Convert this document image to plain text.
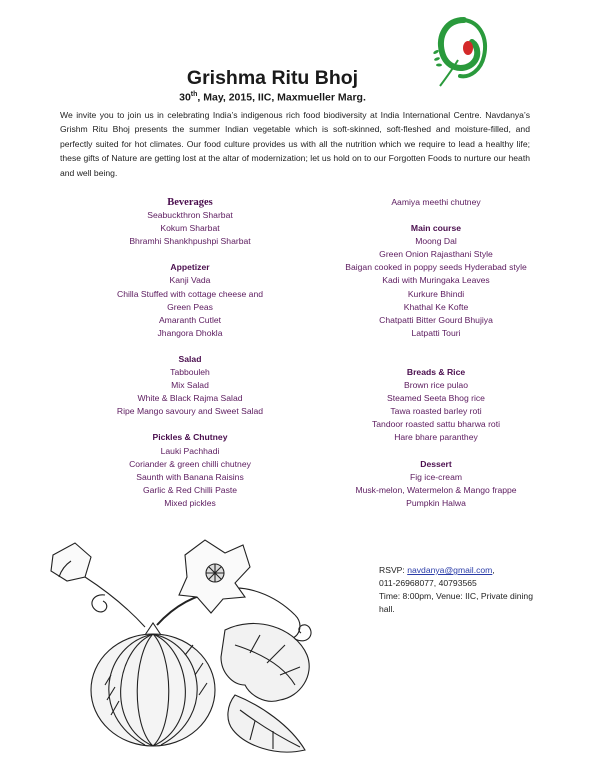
Grishma Ritu Bhoj
30th, May, 2015, IIC, Maxmueller Marg.
We invite you to join us in celebrating India’s indigenous rich food biodiversity at India International Centre. Navdanya’s Grishm Ritu Bhoj presents the summer Indian vegetable which is soft-skinned, soft-fleshed and moisture-filled, and perfectly suited for hot climates. Our food culture provides us with all the nutrition which we require to lead a healthy life; these gifts of Nature are getting lost at the altar of modernization; let us hold on to our Forgotten Foods to nurture our heath and well being.
Beverages
Seabuckthron Sharbat
Kokum Sharbat
Bhramhi Shankhpushpi Sharbat
Appetizer
Kanji Vada
Chilla Stuffed with cottage cheese and
Green Peas
Amaranth Cutlet
Jhangora Dhokla
Salad
Tabbouleh
Mix Salad
White & Black Rajma Salad
Ripe Mango savoury and Sweet Salad
Pickles & Chutney
Lauki Pachhadi
Coriander & green chilli chutney
Saunth with Banana Raisins
Garlic & Red Chilli Paste
Mixed pickles
Aamiya meethi chutney
Main course
Moong Dal
Green Onion Rajasthani Style
Baigan cooked in poppy seeds Hyderabad style
Kadi with Muringaka Leaves
Kurkure Bhindi
Khathal Ke Kofte
Chatpatti Bitter Gourd Bhujiya
Latpatti Touri
Breads & Rice
Brown rice pulao
Steamed Seeta Bhog rice
Tawa roasted barley roti
Tandoor roasted sattu bharwa roti
Hare bhare paranthey
Dessert
Fig ice-cream
Musk-melon, Watermelon & Mango frappe
Pumpkin Halwa
RSVP: navdanya@gmail.com,
011-26968077, 40793565
Time: 8:00pm, Venue: IIC, Private dining hall.
